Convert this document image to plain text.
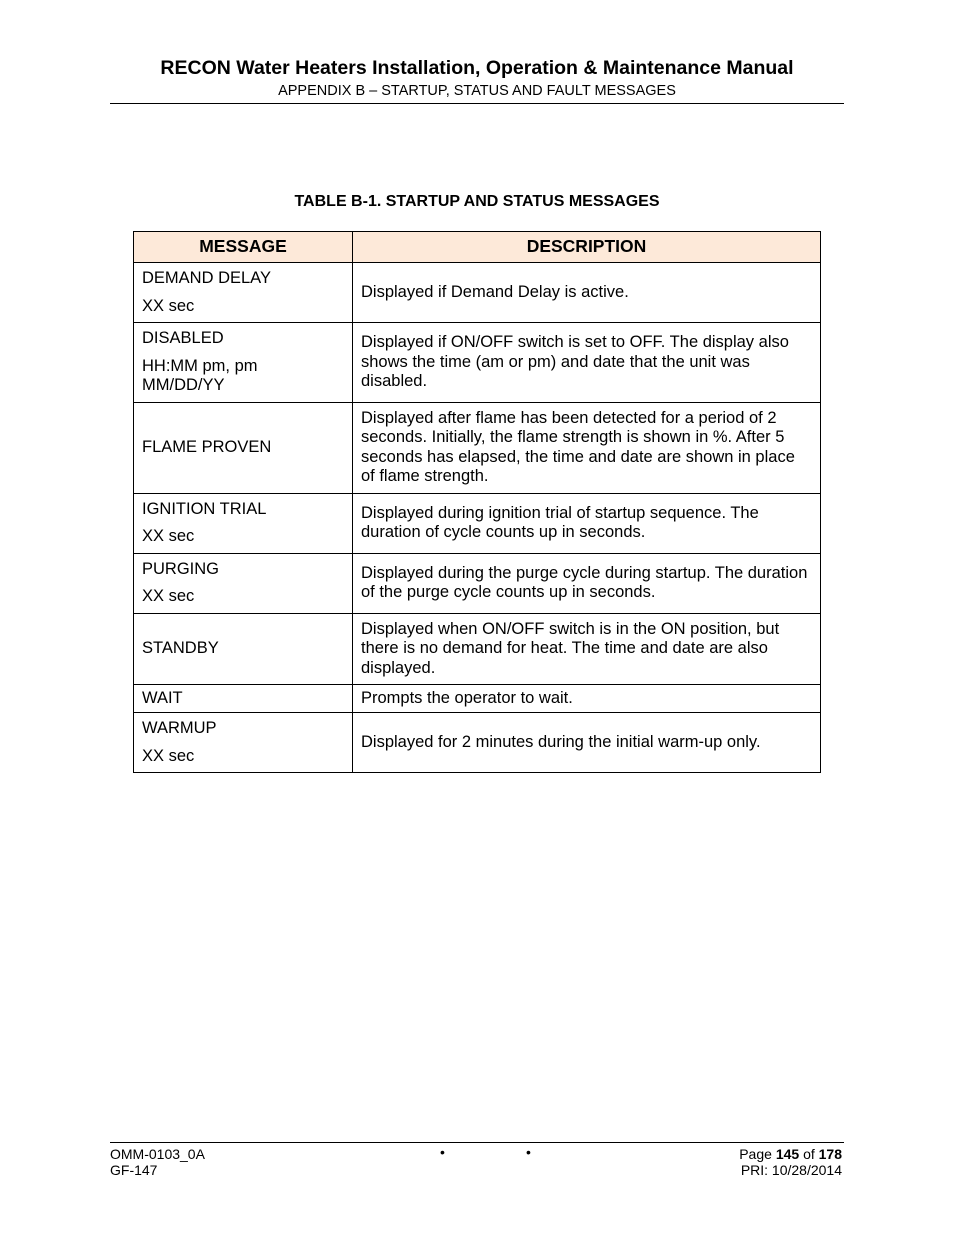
RECON Water Heaters Installation, Operation & Maintenance Manual
APPENDIX B – STARTUP, STATUS AND FAULT MESSAGES
TABLE B-1. STARTUP AND STATUS MESSAGES
MESSAGE	DESCRIPTION

DEMAND DELAY
XX sec	Displayed if Demand Delay is active.

DISABLED
HH:MM pm, pm MM/DD/YY	Displayed if ON/OFF switch is set to OFF. The display also shows the time (am or pm) and date that the unit was disabled.

FLAME PROVEN	Displayed after flame has been detected for a period of 2 seconds. Initially, the flame strength is shown in %. After 5 seconds has elapsed, the time and date are shown in place of flame strength.

IGNITION TRIAL
XX sec	Displayed during ignition trial of startup sequence. The duration of cycle counts up in seconds.

PURGING
XX sec	Displayed during the purge cycle during startup. The duration of the purge cycle counts up in seconds.

STANDBY	Displayed when ON/OFF switch is in the ON position, but there is no demand for heat. The time and date are also displayed.

WAIT	Prompts the operator to wait.

WARMUP
XX sec	Displayed for 2 minutes during the initial warm-up only.
OMM-0103_0A
GF-147
•	•	Page 145 of 178
PRI: 10/28/2014
